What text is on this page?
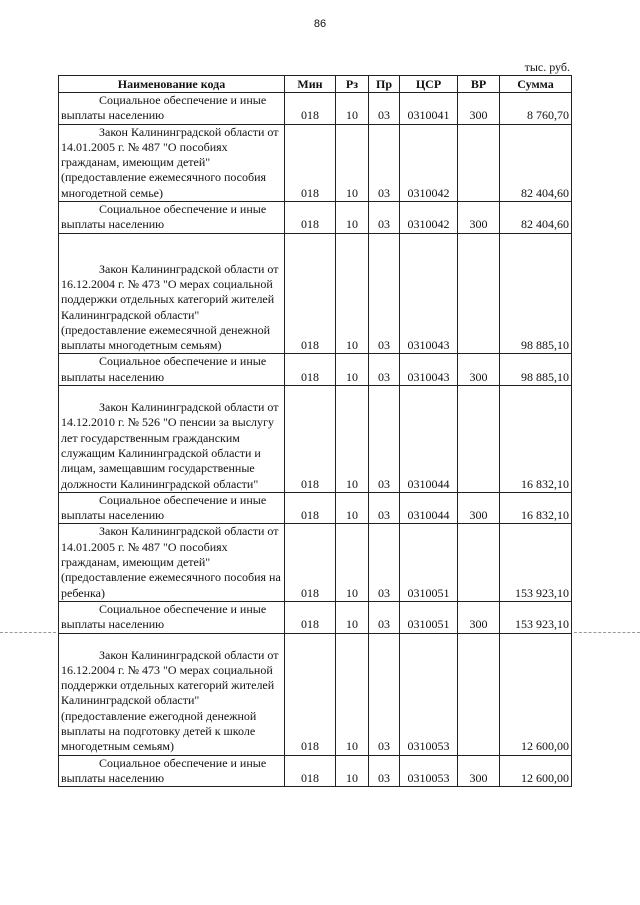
86
тыс. руб.
Наименование кода	Мин	Рз	Пр	ЦСР	ВР	Сумма

Социальное обеспечение и иные выплаты населению	018	10	03	0310041	300	8 760,70

Закон Калининградской области от 14.01.2005 г. № 487 "О пособиях гражданам, имеющим детей" (предоставление ежемесячного пособия многодетной семье)	018	10	03	0310042		82 404,60

Социальное обеспечение и иные выплаты населению	018	10	03	0310042	300	82 404,60

Закон Калининградской области от 16.12.2004 г. № 473 "О мерах социальной поддержки отдельных категорий жителей Калининградской области" (предоставление ежемесячной денежной выплаты многодетным семьям)	018	10	03	0310043		98 885,10

Социальное обеспечение и иные выплаты населению	018	10	03	0310043	300	98 885,10

Закон Калининградской области от 14.12.2010 г. № 526 "О пенсии за выслугу лет государственным гражданским служащим Калининградской области и лицам, замещавшим государственные должности Калининградской области"	018	10	03	0310044		16 832,10

Социальное обеспечение и иные выплаты населению	018	10	03	0310044	300	16 832,10

Закон Калининградской области от 14.01.2005 г. № 487 "О пособиях гражданам, имеющим детей" (предоставление ежемесячного пособия на ребенка)	018	10	03	0310051		153 923,10

Социальное обеспечение и иные выплаты населению	018	10	03	0310051	300	153 923,10

Закон Калининградской области от 16.12.2004 г. № 473 "О мерах социальной поддержки отдельных категорий жителей Калининградской области" (предоставление ежегодной денежной выплаты на подготовку детей к школе многодетным семьям)	018	10	03	0310053		12 600,00

Социальное обеспечение и иные выплаты населению	018	10	03	0310053	300	12 600,00
